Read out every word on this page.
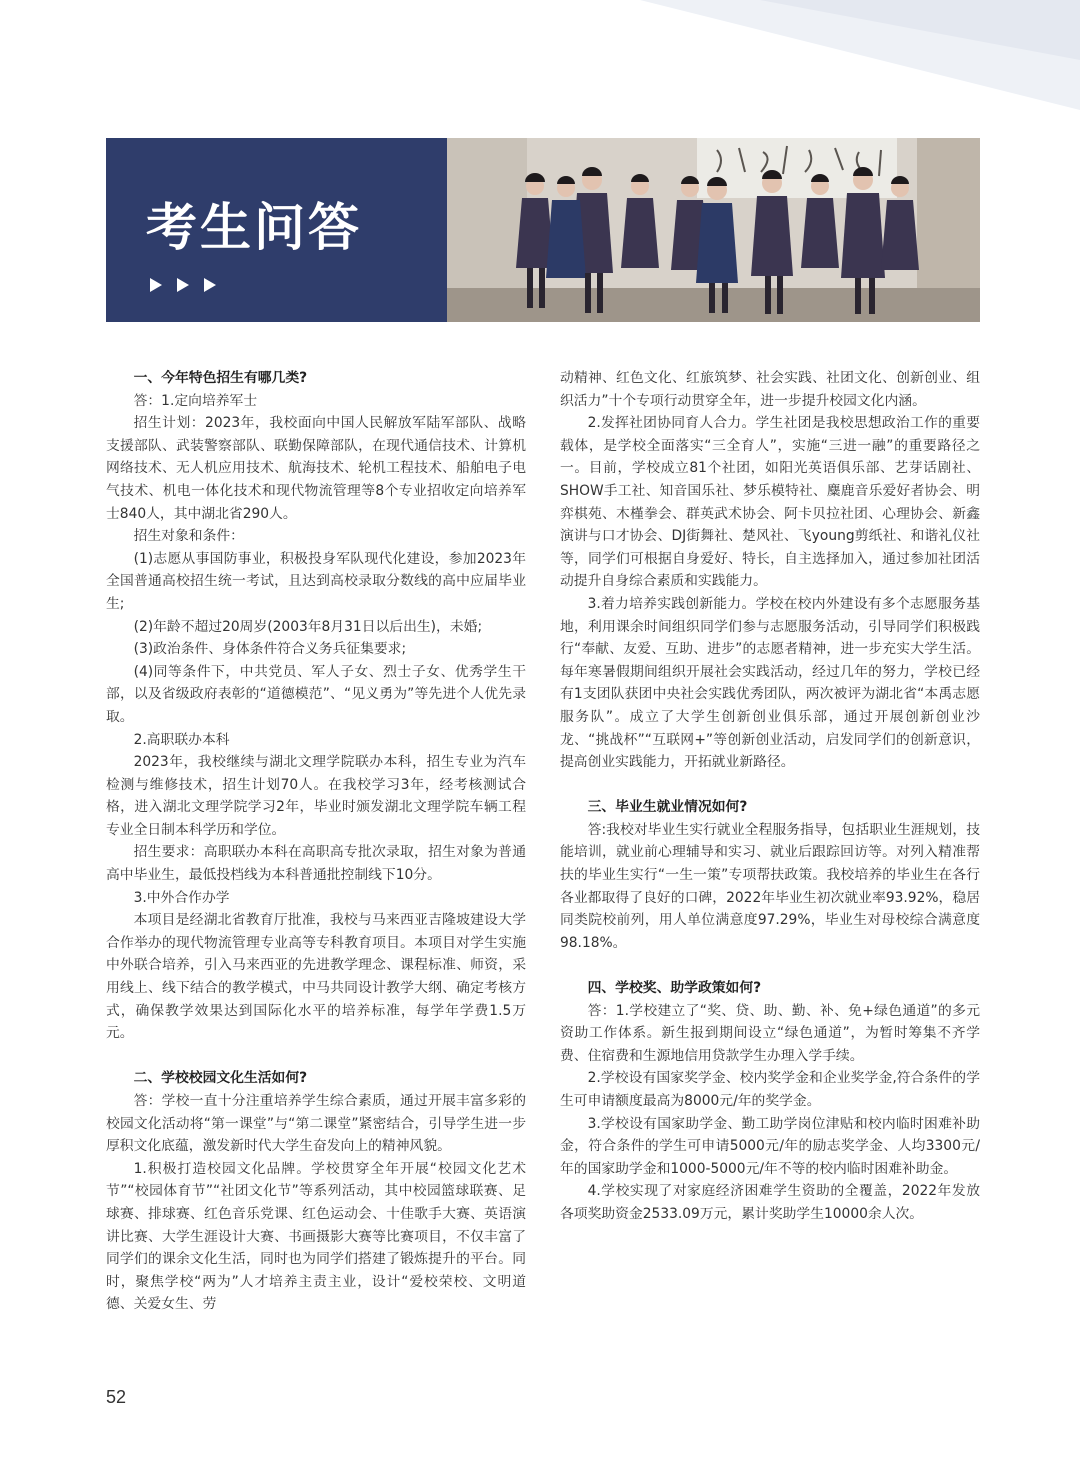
考生问答
一、今年特色招生有哪几类?

答：1.定向培养军士

招生计划：2023年，我校面向中国人民解放军陆军部队、战略支援部队、武装警察部队、联勤保障部队，在现代通信技术、计算机网络技术、无人机应用技术、航海技术、轮机工程技术、船舶电子电气技术、机电一体化技术和现代物流管理等8个专业招收定向培养军士840人，其中湖北省290人。

招生对象和条件：

(1)志愿从事国防事业，积极投身军队现代化建设，参加2023年全国普通高校招生统一考试，且达到高校录取分数线的高中应届毕业生;

(2)年龄不超过20周岁(2003年8月31日以后出生)，未婚;

(3)政治条件、身体条件符合义务兵征集要求;

(4)同等条件下，中共党员、军人子女、烈士子女、优秀学生干部，以及省级政府表彰的“道德模范”、“见义勇为”等先进个人优先录取。

2.高职联办本科

2023年，我校继续与湖北文理学院联办本科，招生专业为汽车检测与维修技术，招生计划70人。在我校学习3年，经考核测试合格，进入湖北文理学院学习2年，毕业时颁发湖北文理学院车辆工程专业全日制本科学历和学位。

招生要求：高职联办本科在高职高专批次录取，招生对象为普通高中毕业生，最低投档线为本科普通批控制线下10分。

3.中外合作办学

本项目是经湖北省教育厅批准，我校与马来西亚吉隆坡建设大学合作举办的现代物流管理专业高等专科教育项目。本项目对学生实施中外联合培养，引入马来西亚的先进教学理念、课程标准、师资，采用线上、线下结合的教学模式，中马共同设计教学大纲、确定考核方式，确保教学效果达到国际化水平的培养标准，每学年学费1.5万元。

二、学校校园文化生活如何?

答：学校一直十分注重培养学生综合素质，通过开展丰富多彩的校园文化活动将“第一课堂”与“第二课堂”紧密结合，引导学生进一步厚积文化底蕴，激发新时代大学生奋发向上的精神风貌。

1.积极打造校园文化品牌。学校贯穿全年开展“校园文化艺术节”“校园体育节”“社团文化节”等系列活动，其中校园篮球联赛、足球赛、排球赛、红色音乐党课、红色运动会、十佳歌手大赛、英语演讲比赛、大学生涯设计大赛、书画摄影大赛等比赛项目，不仅丰富了同学们的课余文化生活，同时也为同学们搭建了锻炼提升的平台。同时，聚焦学校“两为”人才培养主责主业，设计“爱校荣校、文明道德、关爱女生、劳

动精神、红色文化、红旅筑梦、社会实践、社团文化、创新创业、组织活力”十个专项行动贯穿全年，进一步提升校园文化内涵。

2.发挥社团协同育人合力。学生社团是我校思想政治工作的重要载体，是学校全面落实“三全育人”，实施“三进一融”的重要路径之一。目前，学校成立81个社团，如阳光英语俱乐部、艺芽话剧社、SHOW手工社、知音国乐社、梦乐模特社、麋鹿音乐爱好者协会、明弈棋苑、木槿拳会、群英武术协会、阿卡贝拉社团、心理协会、新鑫演讲与口才协会、DJ街舞社、楚风社、飞young剪纸社、和谐礼仪社等，同学们可根据自身爱好、特长，自主选择加入，通过参加社团活动提升自身综合素质和实践能力。

3.着力培养实践创新能力。学校在校内外建设有多个志愿服务基地，利用课余时间组织同学们参与志愿服务活动，引导同学们积极践行“奉献、友爱、互助、进步”的志愿者精神，进一步充实大学生活。每年寒暑假期间组织开展社会实践活动，经过几年的努力，学校已经有1支团队获团中央社会实践优秀团队，两次被评为湖北省“本禹志愿服务队”。成立了大学生创新创业俱乐部，通过开展创新创业沙龙、“挑战杯”“互联网+”等创新创业活动，启发同学们的创新意识，提高创业实践能力，开拓就业新路径。

三、毕业生就业情况如何?

答:我校对毕业生实行就业全程服务指导，包括职业生涯规划，技能培训，就业前心理辅导和实习、就业后跟踪回访等。对列入精准帮扶的毕业生实行“一生一策”专项帮扶政策。我校培养的毕业生在各行各业都取得了良好的口碑，2022年毕业生初次就业率93.92%，稳居同类院校前列，用人单位满意度97.29%，毕业生对母校综合满意度98.18%。

四、学校奖、助学政策如何?

答：1.学校建立了“奖、贷、助、勤、补、免+绿色通道”的多元资助工作体系。新生报到期间设立“绿色通道”，为暂时筹集不齐学费、住宿费和生源地信用贷款学生办理入学手续。

2.学校设有国家奖学金、校内奖学金和企业奖学金,符合条件的学生可申请额度最高为8000元/年的奖学金。

3.学校设有国家助学金、勤工助学岗位津贴和校内临时困难补助金，符合条件的学生可申请5000元/年的励志奖学金、人均3300元/年的国家助学金和1000-5000元/年不等的校内临时困难补助金。

4.学校实现了对家庭经济困难学生资助的全覆盖，2022年发放各项奖助资金2533.09万元，累计奖助学生10000余人次。

52
